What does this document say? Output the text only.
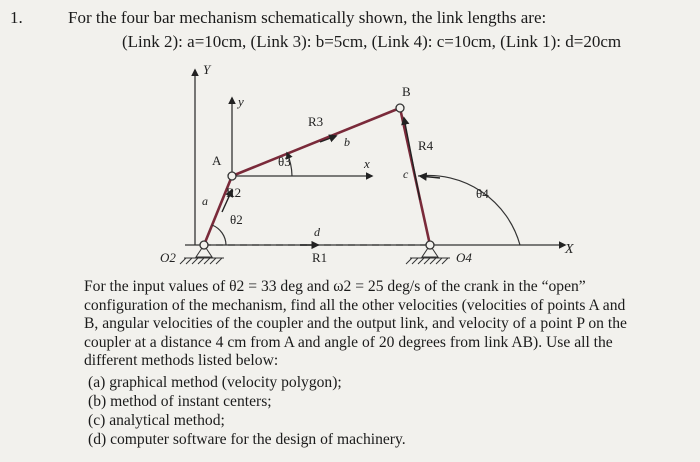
1.	For the four bar mechanism schematically shown, the link lengths are:
(Link 2): a=10cm, (Link 3): b=5cm, (Link 4): c=10cm, (Link 1): d=20cm
Y
y
x
X
A
B
O2	O4
R1
R2
R3
R4
θ2
θ3
θ4
a
b
c
d
For the input values of θ2 = 33 deg and ω2 = 25 deg/s of the crank in the “open”
configuration of the mechanism, find all the other velocities (velocities of points A and
B, angular velocities of the coupler and the output link, and velocity of a point P on the
coupler at a distance 4 cm from A and angle of 20 degrees from link AB). Use all the
different methods listed below:
(a) graphical method (velocity polygon);
(b) method of instant centers;
(c) analytical method;
(d) computer software for the design of machinery.
